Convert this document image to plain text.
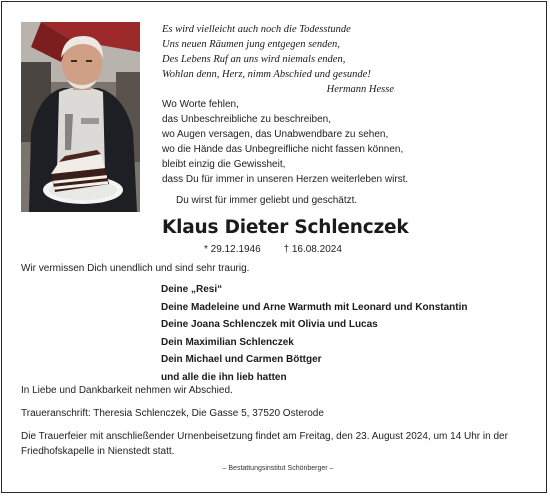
Es wird vielleicht auch noch die Todesstunde
Uns neuen Räumen jung entgegen senden,
Des Lebens Ruf an uns wird niemals enden,
Wohlan denn, Herz, nimm Abschied und gesunde!
Hermann Hesse
Wo Worte fehlen,
das Unbeschreibliche zu beschreiben,
wo Augen versagen, das Unabwendbare zu sehen,
wo die Hände das Unbegreifliche nicht fassen können,
bleibt einzig die Gewissheit,
dass Du für immer in unseren Herzen weiterleben wirst.
Du wirst für immer geliebt und geschätzt.
Klaus Dieter Schlenczek
* 29.12.1946 † 16.08.2024
Wir vermissen Dich unendlich und sind sehr traurig.
Deine „Resi“
Deine Madeleine und Arne Warmuth mit Leonard und Konstantin
Deine Joana Schlenczek mit Olivia und Lucas
Dein Maximilian Schlenczek
Dein Michael und Carmen Böttger
und alle die ihn lieb hatten
In Liebe und Dankbarkeit nehmen wir Abschied.
Traueranschrift: Theresia Schlenczek, Die Gasse 5, 37520 Osterode
Die Trauerfeier mit anschließender Urnenbeisetzung findet am Freitag, den 23. August 2024, um 14 Uhr in der Friedhofskapelle in Nienstedt statt.
– Bestattungsinstitut Schönberger –
